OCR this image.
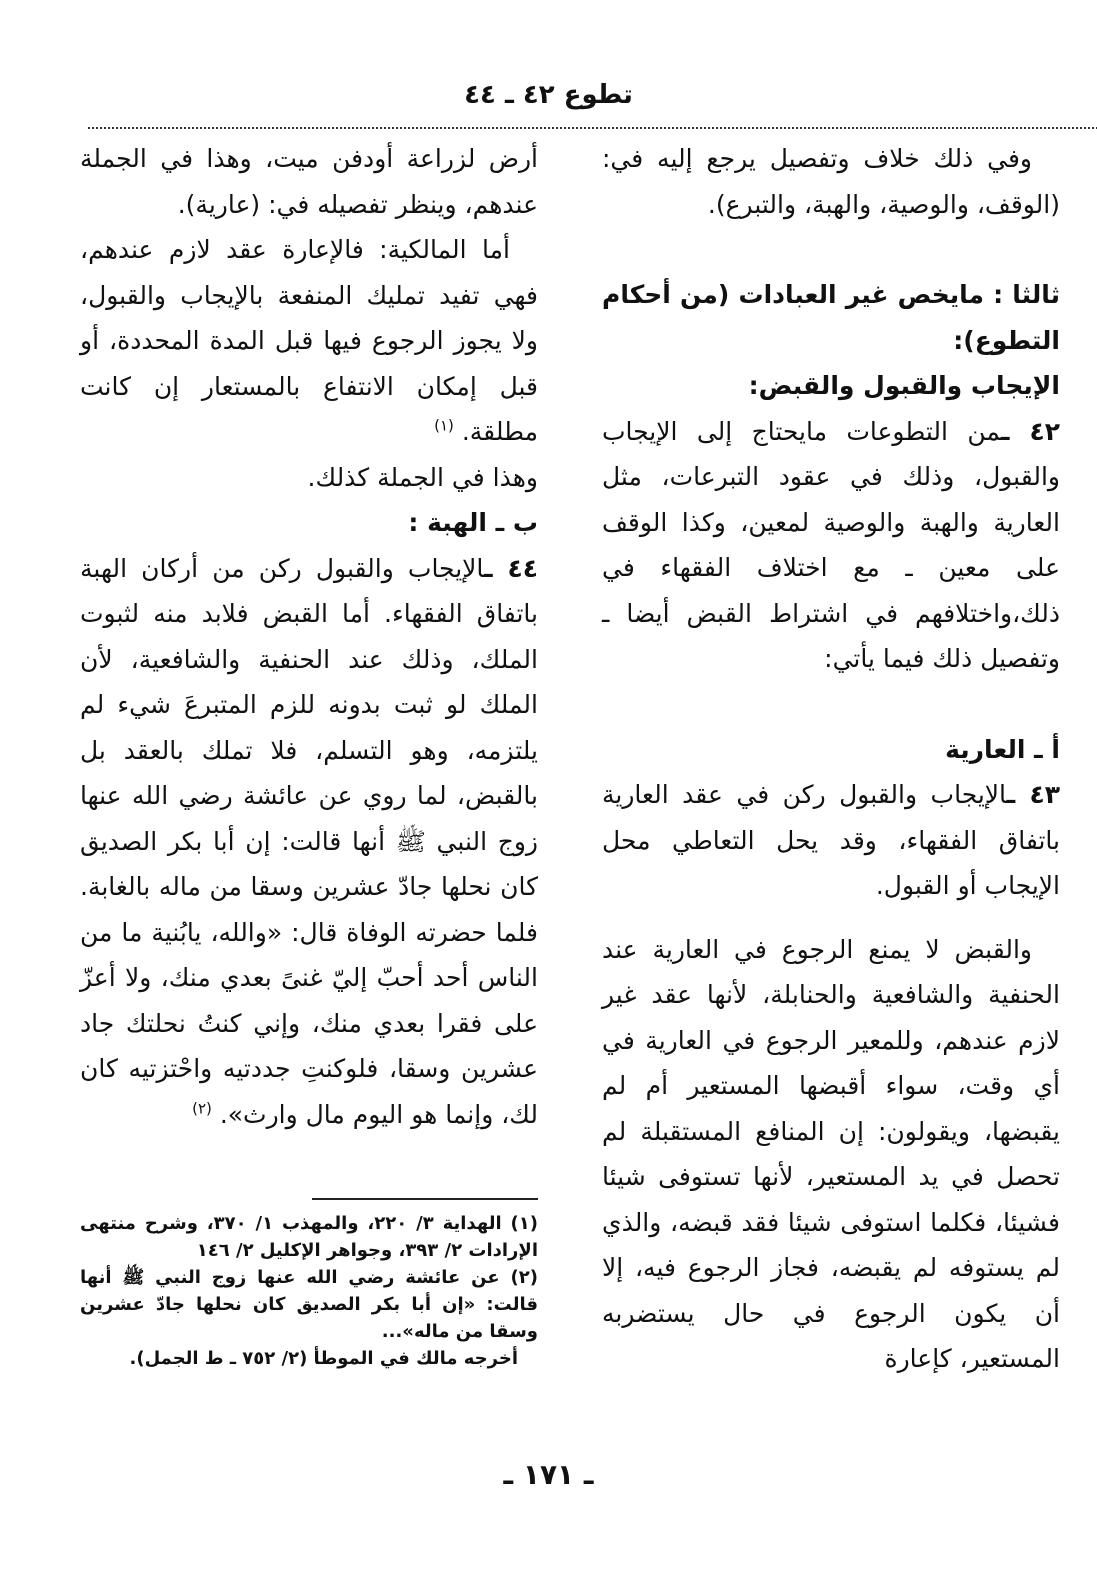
تطوع ٤٢ ـ ٤٤

وفي ذلك خلاف وتفصيل يرجع إليه في: (الوقف، والوصية، والهبة، والتبرع).

ثالثا : مايخص غير العبادات (من أحكام التطوع):

الإيجاب والقبول والقبض:

٤٢ ـمن التطوعات مايحتاج إلى الإيجاب والقبول، وذلك في عقود التبرعات، مثل العارية والهبة والوصية لمعين، وكذا الوقف على معين ـ مع اختلاف الفقهاء في ذلك،واختلافهم في اشتراط القبض أيضا ـ وتفصيل ذلك فيما يأتي:

أ ـ العارية

٤٣ ـالإيجاب والقبول ركن في عقد العارية باتفاق الفقهاء، وقد يحل التعاطي محل الإيجاب أو القبول.

والقبض لا يمنع الرجوع في العارية عند الحنفية والشافعية والحنابلة، لأنها عقد غير لازم عندهم، وللمعير الرجوع في العارية في أي وقت، سواء أقبضها المستعير أم لم يقبضها، ويقولون: إن المنافع المستقبلة لم تحصل في يد المستعير، لأنها تستوفى شيئا فشيئا، فكلما استوفى شيئا فقد قبضه، والذي لم يستوفه لم يقبضه، فجاز الرجوع فيه، إلا أن يكون الرجوع في حال يستضربه المستعير، كإعارة

أرض لزراعة أودفن ميت، وهذا في الجملة عندهم، وينظر تفصيله في: (عارية).

أما المالكية: فالإعارة عقد لازم عندهم، فهي تفيد تمليك المنفعة بالإيجاب والقبول، ولا يجوز الرجوع فيها قبل المدة المحددة، أو قبل إمكان الانتفاع بالمستعار إن كانت مطلقة. $^{(١)}$

وهذا في الجملة كذلك.

ب ـ الهبة :

٤٤ ـالإيجاب والقبول ركن من أركان الهبة باتفاق الفقهاء. أما القبض فلابد منه لثبوت الملك، وذلك عند الحنفية والشافعية، لأن الملك لو ثبت بدونه للزم المتبرعَ شيء لم يلتزمه، وهو التسلم، فلا تملك بالعقد بل بالقبض، لما روي عن عائشة رضي الله عنها زوج النبي ﷺ أنها قالت: إن أبا بكر الصديق كان نحلها جادّ عشرين وسقا من ماله بالغابة. فلما حضرته الوفاة قال: «والله، يابُنية ما من الناس أحد أحبّ إليّ غنىً بعدي منك، ولا أعزّ على فقرا بعدي منك، وإني كنتُ نحلتك جاد عشرين وسقا، فلوكنتِ جددتيه واحْتزتيه كان لك، وإنما هو اليوم مال وارث». $^{(٢)}$

(١) الهداية ٣/ ٢٢٠، والمهذب ١/ ٣٧٠، وشرح منتهى الإرادات ٢/ ٣٩٣، وجواهر الإكليل ٢/ ١٤٦

(٢) عن عائشة رضي الله عنها زوج النبي ﷺ أنها قالت: «إن أبا بكر الصديق كان نحلها جادّ عشرين وسقا من ماله»...

أخرجه مالك في الموطأ (٢/ ٧٥٢ ـ ط الجمل).

ـ ١٧١ ـ
